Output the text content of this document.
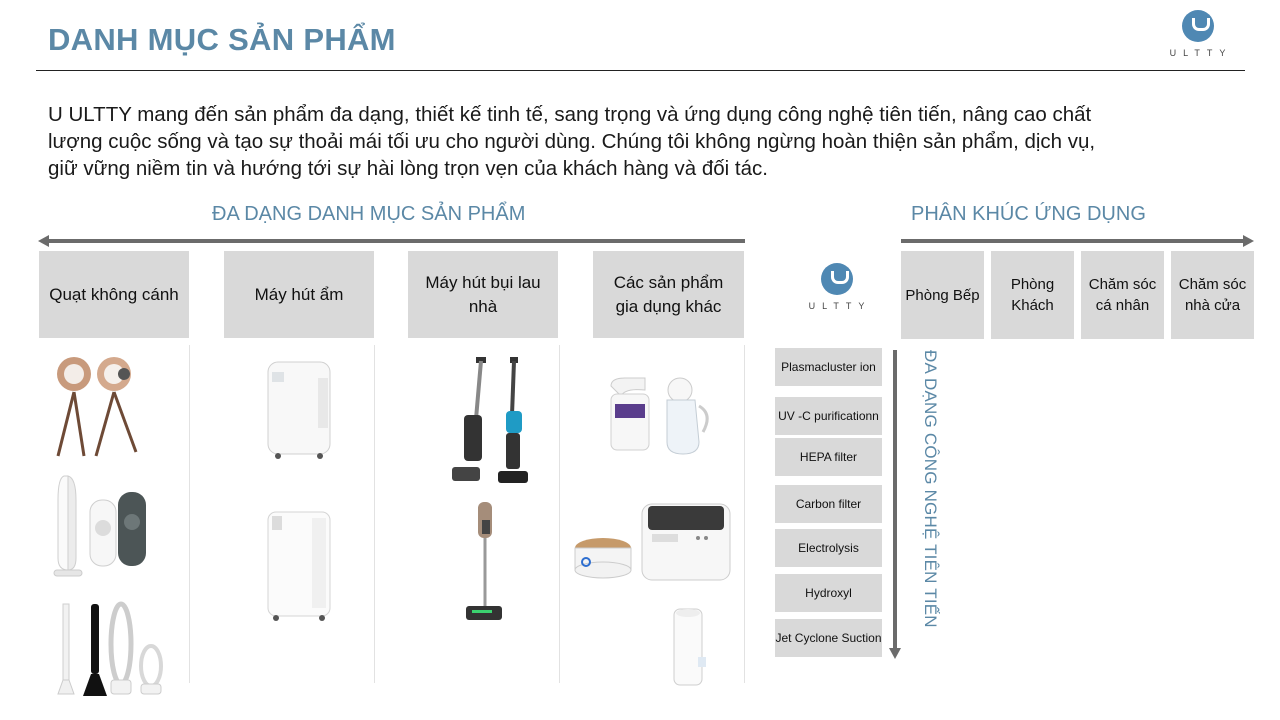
DANH MỤC SẢN PHẨM	ULTTY
U ULTTY mang đến sản phẩm đa dạng, thiết kế tinh tế, sang trọng và ứng dụng công nghệ tiên tiến, nâng cao chất lượng cuộc sống và tạo sự thoải mái tối ưu cho người dùng. Chúng tôi không ngừng hoàn thiện sản phẩm, dịch vụ, giữ vững niềm tin và hướng tới sự hài lòng trọn vẹn của khách hàng và đối tác.
ĐA DẠNG DANH MỤC SẢN PHẨM	PHÂN KHÚC ỨNG DỤNG
Quạt không cánh	Máy hút ẩm
Máy hút bụi lau nhà
Các sản phẩm gia dụng khác	ULTTY
Phòng Bếp
Phòng Khách
Chăm sóc cá nhân
Chăm sóc nhà cửa
Plasmacluster ion
UV -C purificationn
HEPA filter
Carbon filter
Electrolysis
Hydroxyl
Jet Cyclone Suction
ĐA DẠNG CÔNG NGHỆ TIÊN TIẾN
